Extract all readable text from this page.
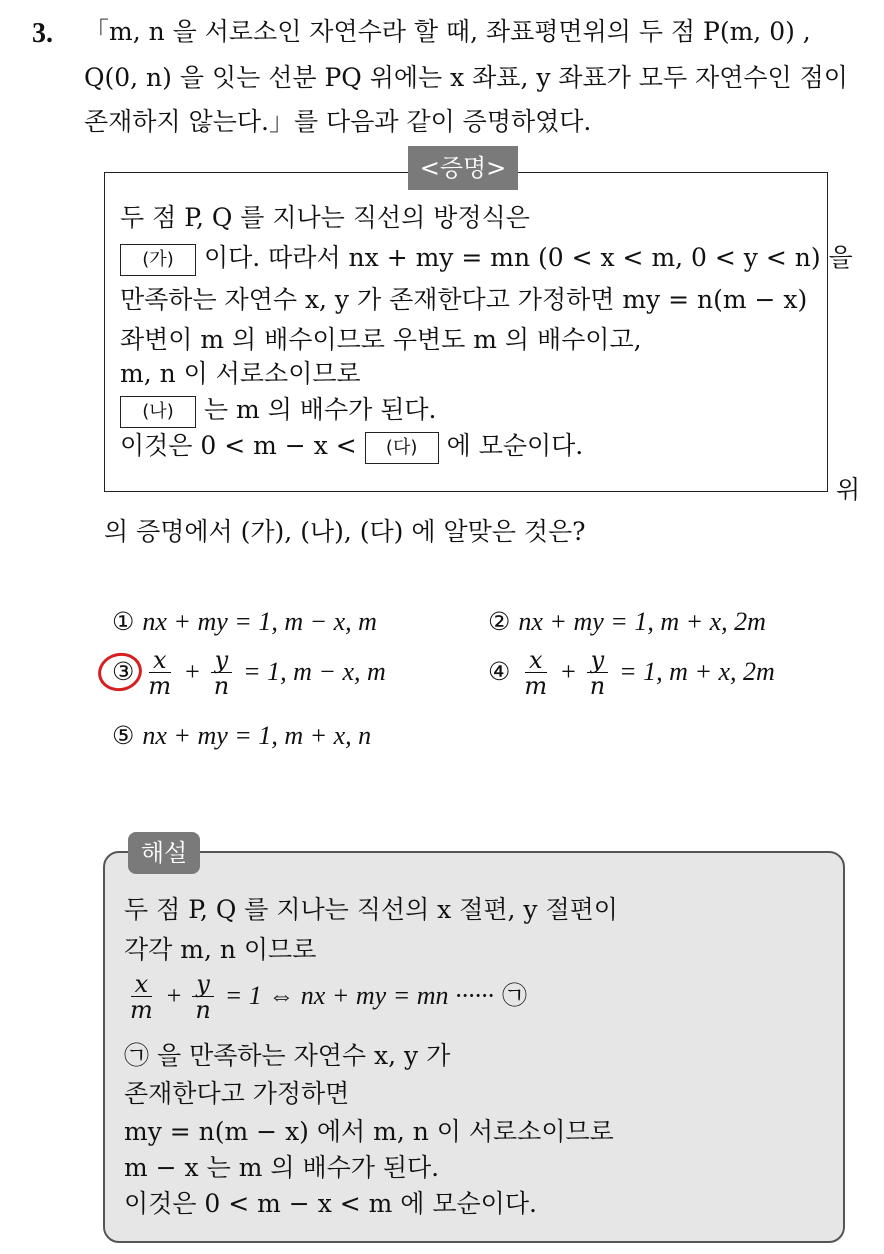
3. 「m, n 을 서로소인 자연수라 할 때, 좌표평면위의 두 점 P(m, 0) ,
Q(0, n) 을 잇는 선분 PQ 위에는 x 좌표, y 좌표가 모두 자연수인 점이
존재하지 않는다.」를 다음과 같이 증명하였다.
<증명>
두 점 P, Q 를 지나는 직선의 방정식은
(가) 이다. 따라서 nx + my = mn (0 < x < m, 0 < y < n) 을
만족하는 자연수 x, y 가 존재한다고 가정하면 my = n(m − x)
좌변이 m 의 배수이므로 우변도 m 의 배수이고,
m, n 이 서로소이므로
(나) 는 m 의 배수가 된다.
이것은 0 < m − x < (다) 에 모순이다.
위
의 증명에서 (가), (나), (다) 에 알맞은 것은?
① nx + my = 1, m − x, m	② nx + my = 1, m + x, 2m
③ $\frac{x}{m} + \frac{y}{n} = 1$, m − x, m	④ $\frac{x}{m} + \frac{y}{n} = 1$, m + x, 2m
⑤ nx + my = 1, m + x, n
해설
두 점 P, Q 를 지나는 직선의 x 절편, y 절편이
각각 m, n 이므로
$\frac{x}{m} + \frac{y}{n} = 1$ ⇔ nx + my = mn ······ ㉠
㉠ 을 만족하는 자연수 x, y 가
존재한다고 가정하면
my = n(m − x) 에서 m, n 이 서로소이므로
m − x 는 m 의 배수가 된다.
이것은 0 < m − x < m 에 모순이다.
